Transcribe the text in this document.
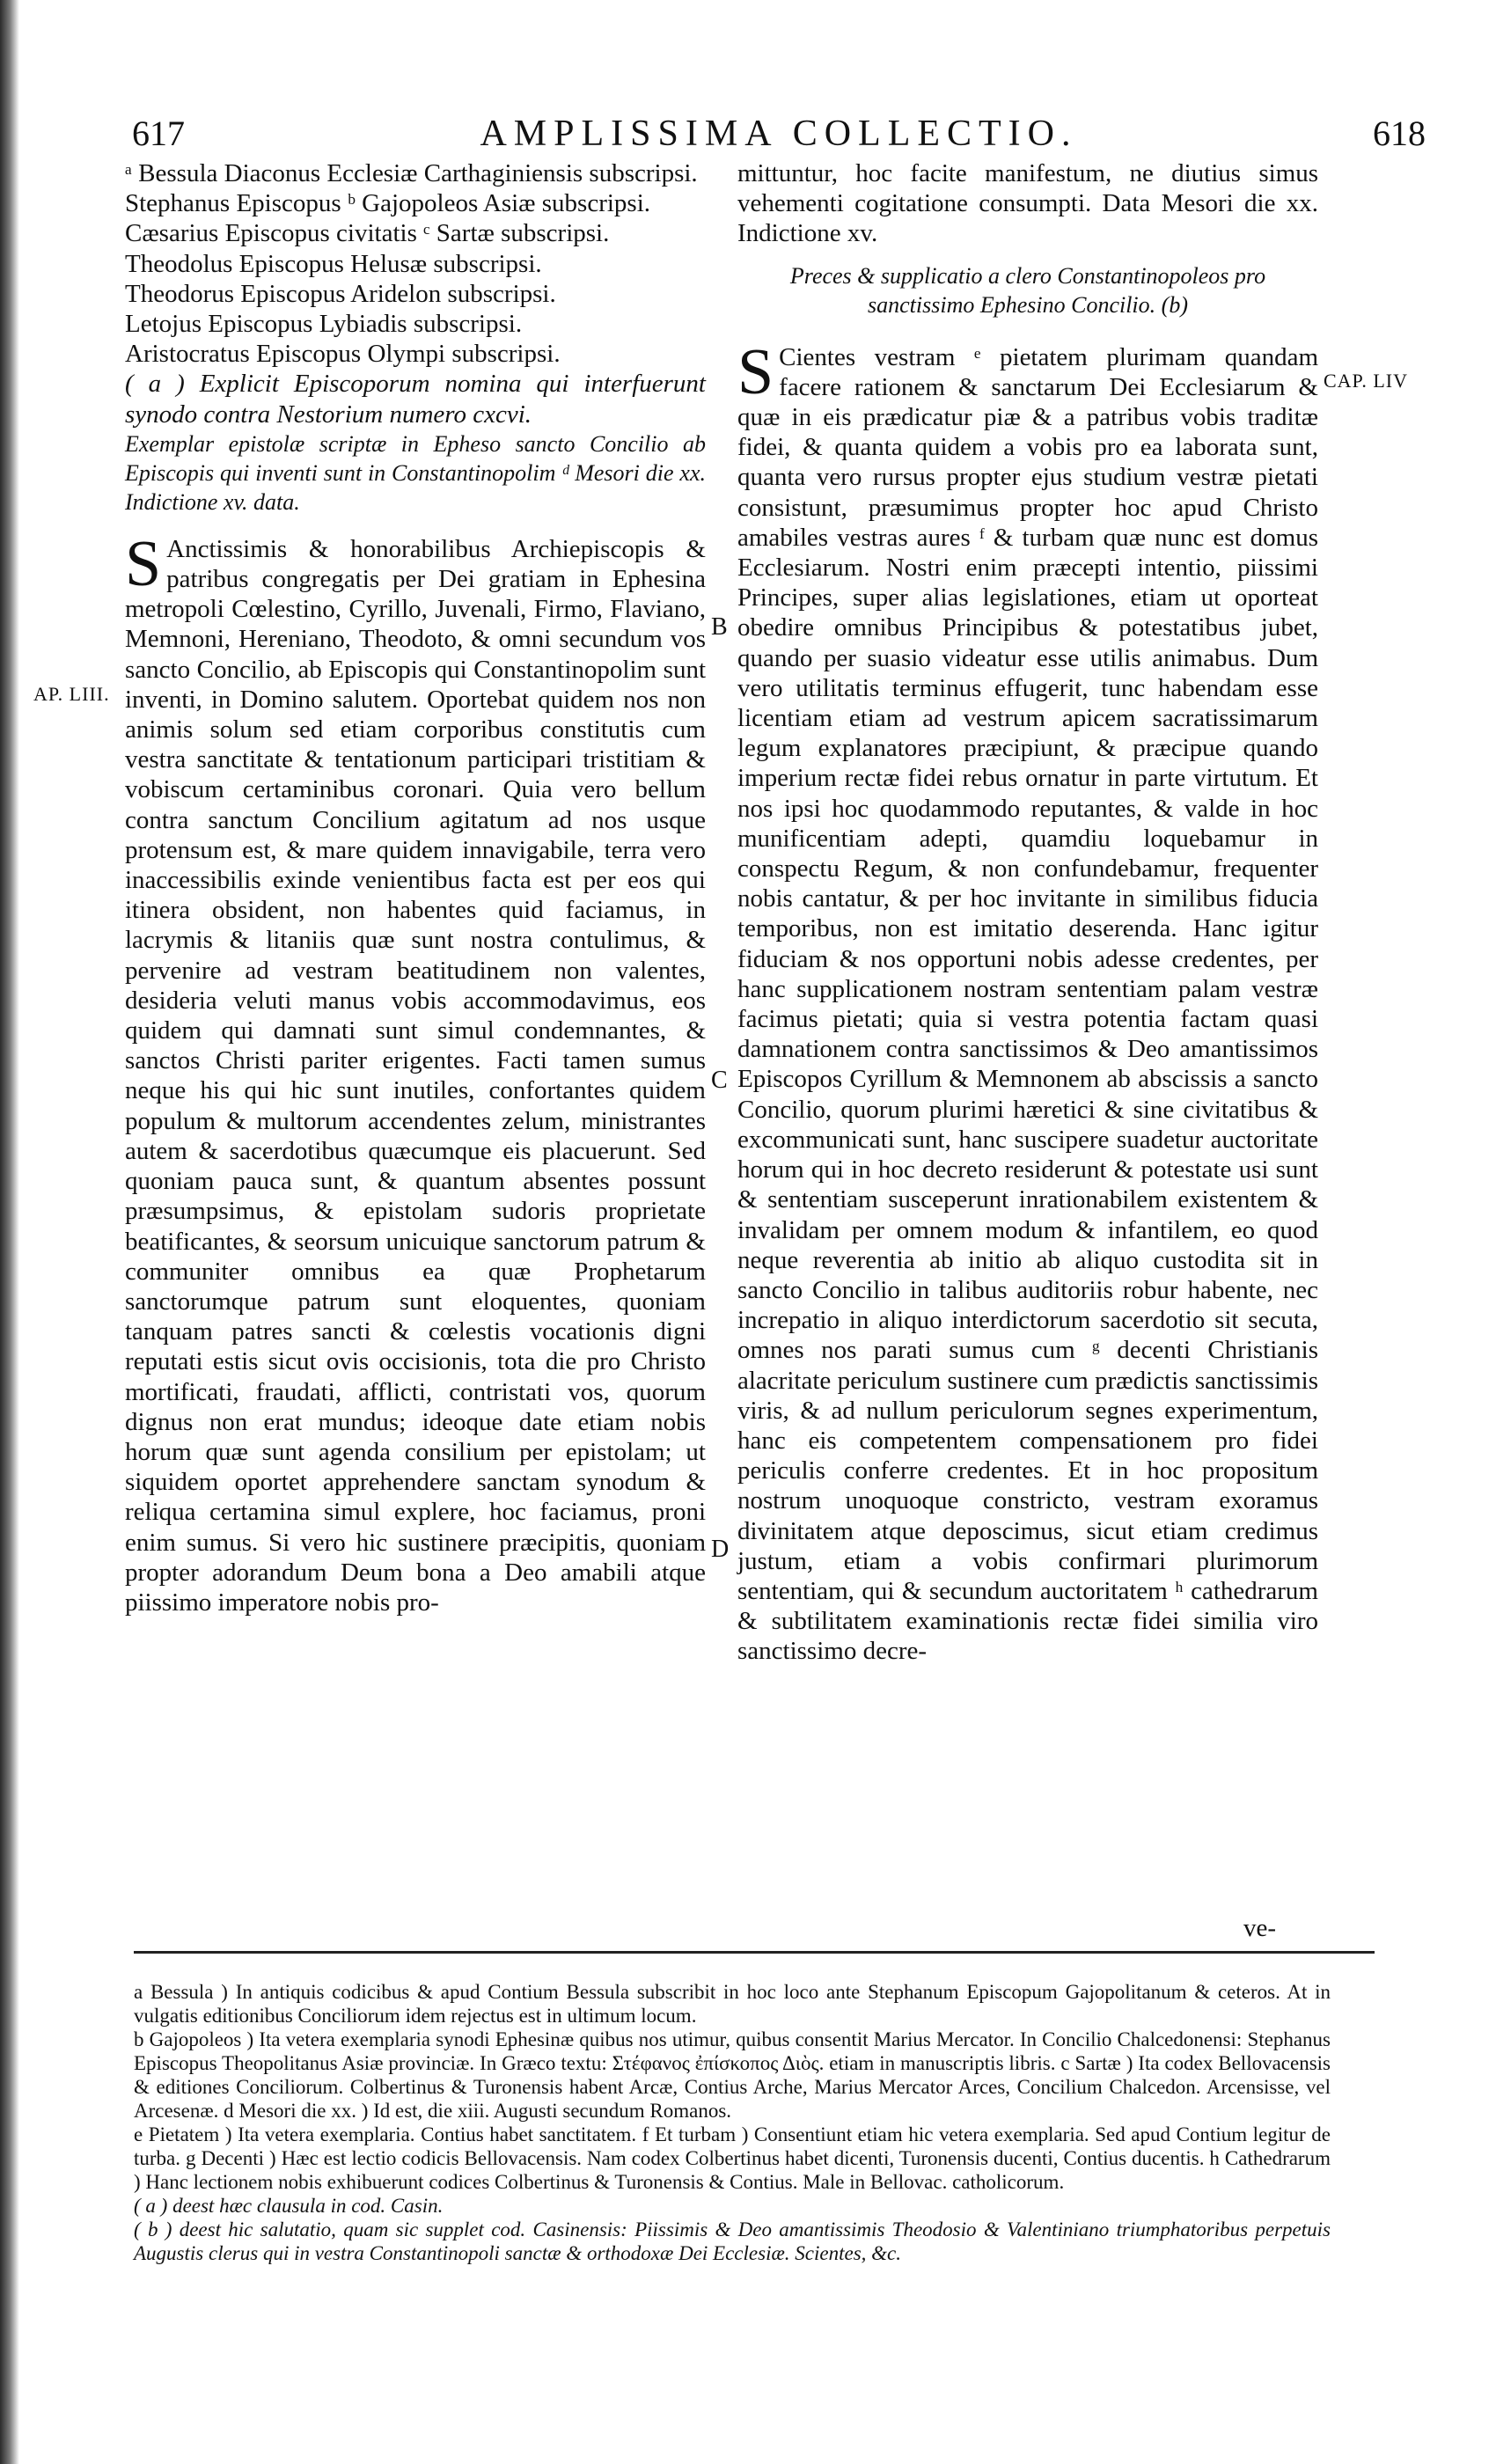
617	AMPLISSIMA COLLECTIO.	618
AP. LIII.
CAP. LIV
B
C
D

ᵃ Bessula Diaconus Ecclesiæ Carthaginiensis subscripsi.

Stephanus Episcopus ᵇ Gajopoleos Asiæ subscripsi.

Cæsarius Episcopus civitatis ᶜ Sartæ subscripsi.

Theodolus Episcopus Helusæ subscripsi.

Theodorus Episcopus Aridelon subscripsi.

Letojus Episcopus Lybiadis subscripsi.

Aristocratus Episcopus Olympi subscripsi.

( a ) Explicit Episcoporum nomina qui interfuerunt synodo contra Nestorium numero cxcvi.

Exemplar epistolæ scriptæ in Epheso sancto Concilio ab Episcopis qui inventi sunt in Constantinopolim ᵈ Mesori die xx. Indictione xv. data.

S Anctissimis & honorabilibus Archiepiscopis & patribus congregatis per Dei gratiam in Ephesina metropoli Cœlestino, Cyrillo, Juvenali, Firmo, Flaviano, Memnoni, Herenianо, Theodoto, & omni secundum vos sancto Concilio, ab Episcopis qui Constantinopolim sunt inventi, in Domino salutem. Oportebat quidem nos non animis solum sed etiam corporibus constitutis cum vestra sanctitate & tentationum participari tristitiam & vobiscum certaminibus coronari. Quia vero bellum contra sanctum Concilium agitatum ad nos usque protensum est, & mare quidem innavigabile, terra vero inaccessibilis exinde venientibus facta est per eos qui itinera obsident, non habentes quid faciamus, in lacrymis & litaniis quæ sunt nostra contulimus, & pervenire ad vestram beatitudinem non valentes, desideria veluti manus vobis accommodavimus, eos quidem qui damnati sunt simul condemnantes, & sanctos Christi pariter erigentes. Facti tamen sumus neque his qui hic sunt inutiles, confortantes quidem populum & multorum accendentes zelum, ministrantes autem & sacerdotibus quæcumque eis placuerunt. Sed quoniam pauca sunt, & quantum absentes possunt præsumpsimus, & epistolam sudoris proprietate beatificantes, & seorsum unicuique sanctorum patrum & communiter omnibus ea quæ Prophetarum sanctorumque patrum sunt eloquentes, quoniam tanquam patres sancti & cœlestis vocationis digni reputati estis sicut ovis occisionis, tota die pro Christo mortificati, fraudati, afflicti, contristati vos, quorum dignus non erat mundus; ideoque date etiam nobis horum quæ sunt agenda consilium per epistolam; ut siquidem oportet apprehendere sanctam synodum & reliqua certamina simul explere, hoc faciamus, proni enim sumus. Si vero hic sustinere præcipitis, quoniam propter adorandum Deum bona a Deo amabili atque piissimo imperatore nobis pro-

mittuntur, hoc facite manifestum, ne diutius simus vehementi cogitatione consumpti. Data Mesori die xx. Indictione xv.

Preces & supplicatio a clero Constantinopoleos pro sanctissimo Ephesino Concilio. (b)

S Cientes vestram ᵉ pietatem plurimam quandam facere rationem & sanctarum Dei Ecclesiarum & quæ in eis prædicatur piæ & a patribus vobis traditæ fidei, & quanta quidem a vobis pro ea laborata sunt, quanta vero rursus propter ejus studium vestræ pietati consistunt, præsumimus propter hoc apud Christo amabiles vestras aures ᶠ & turbam quæ nunc est domus Ecclesiarum. Nostri enim præcepti intentio, piissimi Principes, super alias legislationes, etiam ut oporteat obedire omnibus Principibus & potestatibus jubet, quando per suasio videatur esse utilis animabus. Dum vero utilitatis terminus effugerit, tunc habendam esse licentiam etiam ad vestrum apicem sacratissimarum legum explanatores præcipiunt, & præcipue quando imperium rectæ fidei rebus ornatur in parte virtutum. Et nos ipsi hoc quodammodo reputantes, & valde in hoc munificentiam adepti, quamdiu loquebamur in conspectu Regum, & non confundebamur, frequenter nobis cantatur, & per hoc invitante in similibus fiducia temporibus, non est imitatio deserenda. Hanc igitur fiduciam & nos opportuni nobis adesse credentes, per hanc supplicationem nostram sententiam palam vestræ facimus pietati; quia si vestra potentia factam quasi damnationem contra sanctissimos & Deo amantissimos Episcopos Cyrillum & Memnonem ab abscissis a sancto Concilio, quorum plurimi hæretici & sine civitatibus & excommunicati sunt, hanc suscipere suadetur auctoritate horum qui in hoc decreto residerunt & potestate usi sunt & sententiam susceperunt inrationabilem existentem & invalidam per omnem modum & infantilem, eo quod neque reverentia ab initio ab aliquo custodita sit in sancto Concilio in talibus auditoriis robur habente, nec increpatio in aliquo interdictorum sacerdotio sit secuta, omnes nos parati sumus cum ᵍ decenti Christianis alacritate periculum sustinere cum prædictis sanctissimis viris, & ad nullum periculorum segnes experimentum, hanc eis competentem compensationem pro fidei periculis conferre credentes. Et in hoc propositum nostrum unoquoque constricto, vestram exoramus divinitatem atque deposcimus, sicut etiam credimus justum, etiam a vobis confirmari plurimorum sententiam, qui & secundum auctoritatem ʰ cathedrarum & subtilitatem examinationis rectæ fidei similia viro sanctissimo decre-

ve-

a Bessula ) In antiquis codicibus & apud Contium Bessula subscribit in hoc loco ante Stephanum Episcopum Gajopolitanum & ceteros. At in vulgatis editionibus Conciliorum idem rejectus est in ultimum locum.

b Gajopoleos ) Ita vetera exemplaria synodi Ephesinæ quibus nos utimur, quibus consentit Marius Mercator. In Concilio Chalcedonensi: Stephanus Episcopus Theopolitanus Asiæ provinciæ. In Græco textu: Στέφανος ἐπίσκοπος Διὸς. etiam in manuscriptis libris. c Sartæ ) Ita codex Bellovacensis & editiones Conciliorum. Colbertinus & Turonensis habent Arcæ, Contius Arche, Marius Mercator Arces, Concilium Chalcedon. Arcensisse, vel Arcesenæ. d Mesori die xx. ) Id est, die xiii. Augusti secundum Romanos.

e Pietatem ) Ita vetera exemplaria. Contius habet sanctitatem. f Et turbam ) Consentiunt etiam hic vetera exemplaria. Sed apud Contium legitur de turba. g Decenti ) Hæc est lectio codicis Bellovacensis. Nam codex Colbertinus habet dicenti, Turonensis ducenti, Contius ducentis. h Cathedrarum ) Hanc lectionem nobis exhibuerunt codices Colbertinus & Turonensis & Contius. Male in Bellovac. catholicorum.

( a ) deest hæc clausula in cod. Casin.

( b ) deest hic salutatio, quam sic supplet cod. Casinensis: Piissimis & Deo amantissimis Theodosio & Valentiniano triumphatoribus perpetuis Augustis clerus qui in vestra Constantinopoli sanctæ & orthodoxæ Dei Ecclesiæ. Scientes, &c.
